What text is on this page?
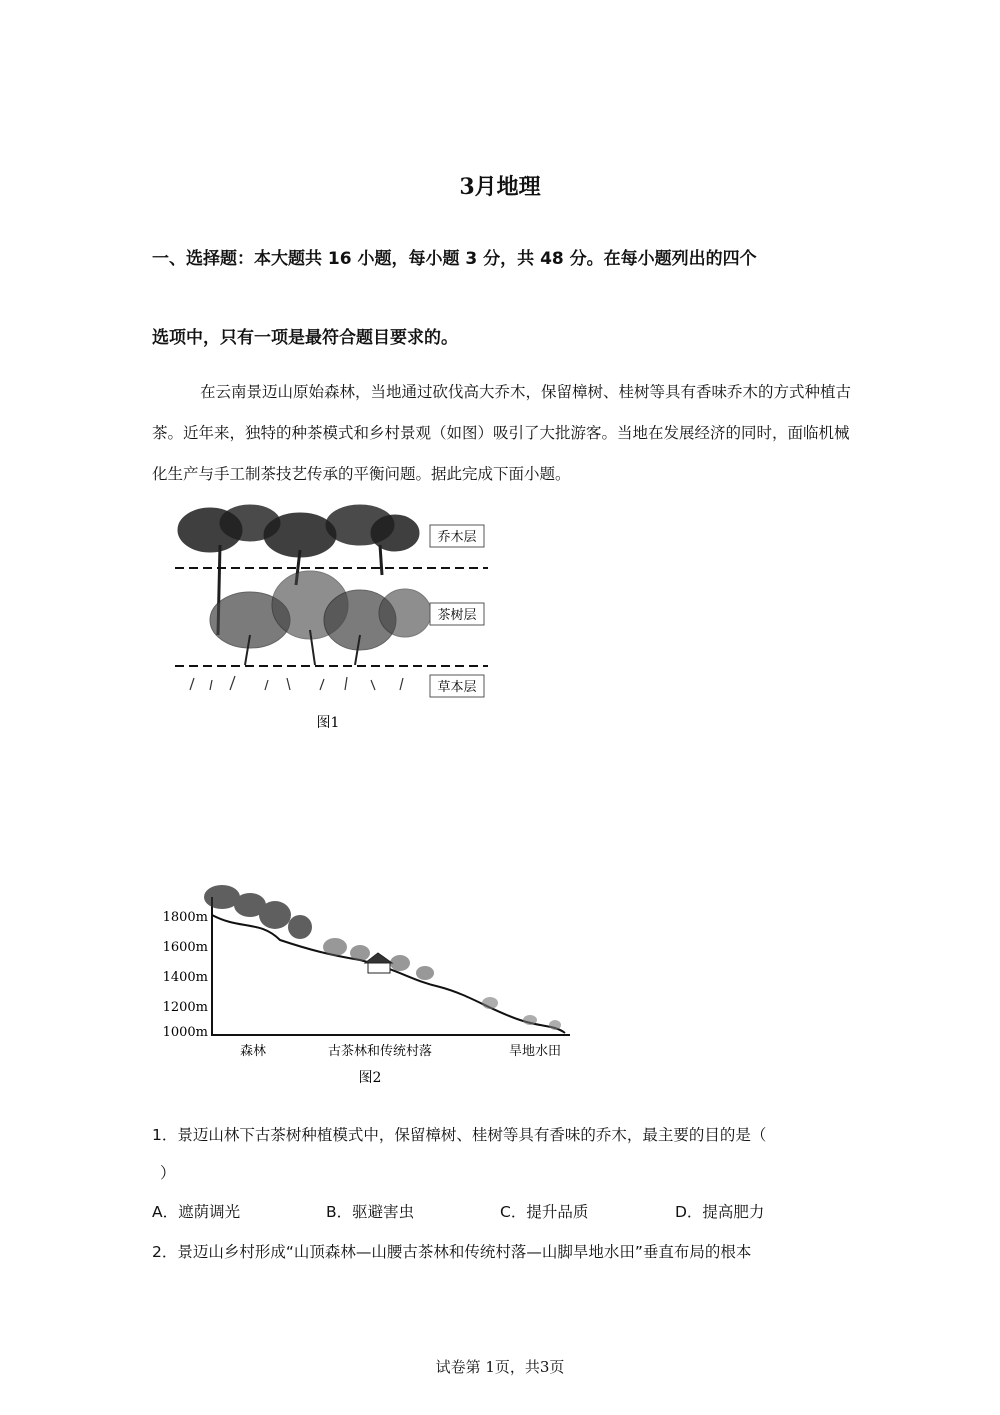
3月地理
一、选择题：本大题共 16 小题，每小题 3 分，共 48 分。在每小题列出的四个
选项中，只有一项是最符合题目要求的。

在云南景迈山原始森林，当地通过砍伐高大乔木，保留樟树、桂树等具有香味乔木的方式种植古茶。近年来，独特的种茶模式和乡村景观（如图）吸引了大批游客。当地在发展经济的同时，面临机械化生产与手工制茶技艺传承的平衡问题。据此完成下面小题。

乔木层
茶树层
草本层
图1
1800m
1600m
1400m
1200m
1000m
森林	古茶林和传统村落	旱地水田
图2
1．景迈山林下古茶树种植模式中，保留樟树、桂树等具有香味的乔木，最主要的目的是（
）
A．遮荫调光	B．驱避害虫	C．提升品质	D．提高肥力
2．景迈山乡村形成“山顶森林—山腰古茶林和传统村落—山脚旱地水田”垂直布局的根本
试卷第 1页，共3页
